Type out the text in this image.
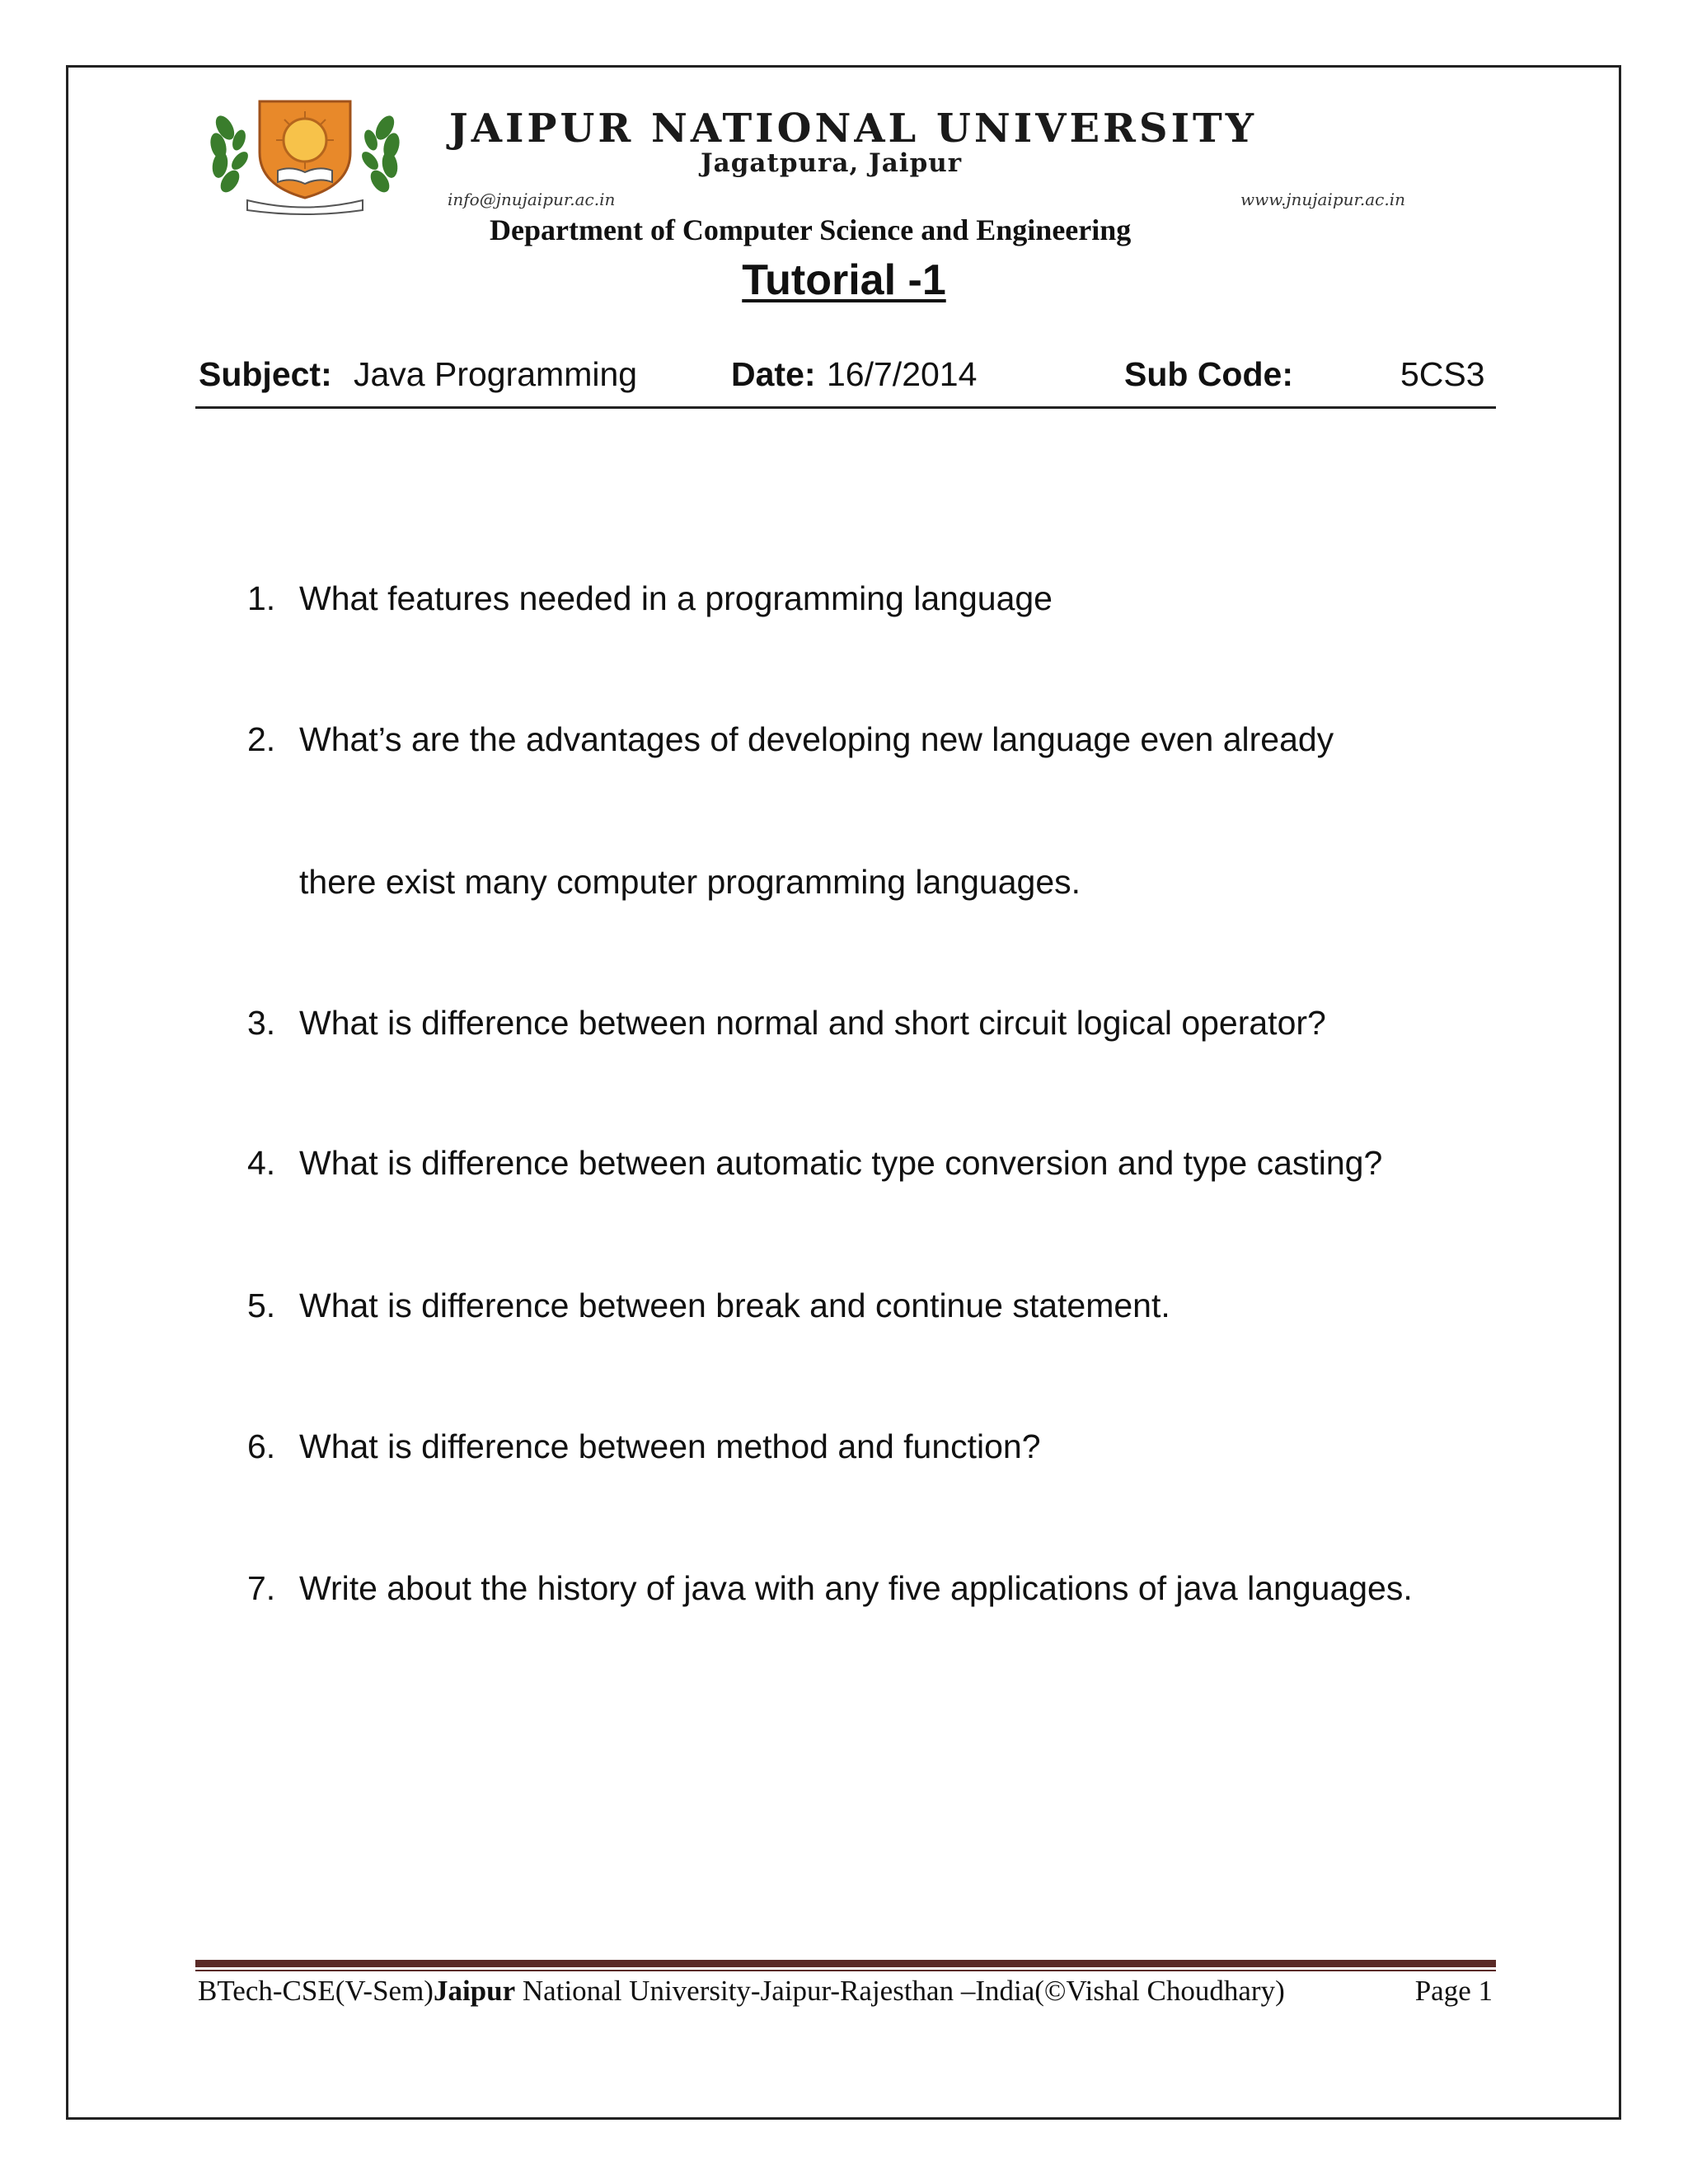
JAIPUR NATIONAL UNIVERSITY
Jagatpura, Jaipur
info@jnujaipur.ac.in	www.jnujaipur.ac.in
Department of Computer Science and Engineering
Tutorial -1
Subject: Java Programming	Date: 16/7/2014	Sub Code:	5CS3
1. What features needed in a programming language
2. What’s are the advantages of developing new language even already
there exist many computer programming languages.
3. What is difference between normal and short circuit logical operator?
4. What is difference between automatic type conversion and type casting?
5. What is difference between break and continue statement.
6. What is difference between method and function?
7. Write about the history of java with any five applications of java languages.
BTech-CSE(V-Sem)Jaipur National University-Jaipur-Rajesthan –India(©Vishal Choudhary)	Page 1
